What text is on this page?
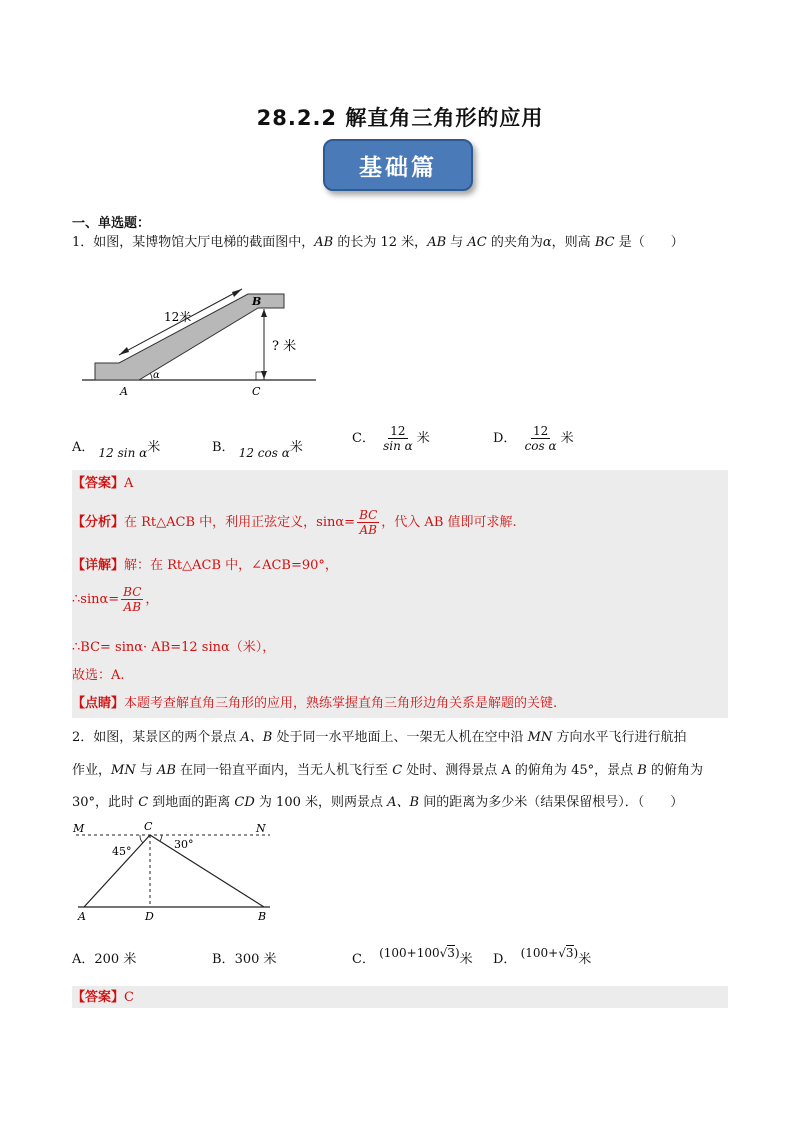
28.2.2 解直角三角形的应用
基础篇
一、单选题：
1．如图，某博物馆大厅电梯的截面图中，AB 的长为 12 米，AB 与 AC 的夹角为α，则高 BC 是（　　）
12米
? 米
A
B
C
α
A． 12 sin α米	B． 12 cos α米
C． $\frac{12}{\text{sin α}}$ 米	D． $\frac{12}{\text{cos α}}$ 米
【答案】A
【分析】 在 Rt△ACB 中，利用正弦定义，$\sin\alpha= \frac{BC}{AB}$ ，代入 AB 值即可求解.
【详解】解：在 Rt△ACB 中，∠ACB=90°，
∴sinα= $\frac{BC}{AB}$ ，
∴BC= sinα· AB=12 sinα（米），
故选：A.
【点睛】本题考查解直角三角形的应用，熟练掌握直角三角形边角关系是解题的关键.
2．如图，某景区的两个景点 A、B 处于同一水平地面上、一架无人机在空中沿 MN 方向水平飞行进行航拍
作业，MN 与 AB 在同一铅直平面内，当无人机飞行至 C 处时、测得景点 A 的俯角为 45°，景点 B 的俯角为
30°，此时 C 到地面的距离 CD 为 100 米，则两景点 A、B 间的距离为多少米（结果保留根号）．（　　）
M	N
C
45°
30°
A	D	B
A．200 米	B．300 米	C． (100+100√3)米 D． (100+√3)米
【答案】C
